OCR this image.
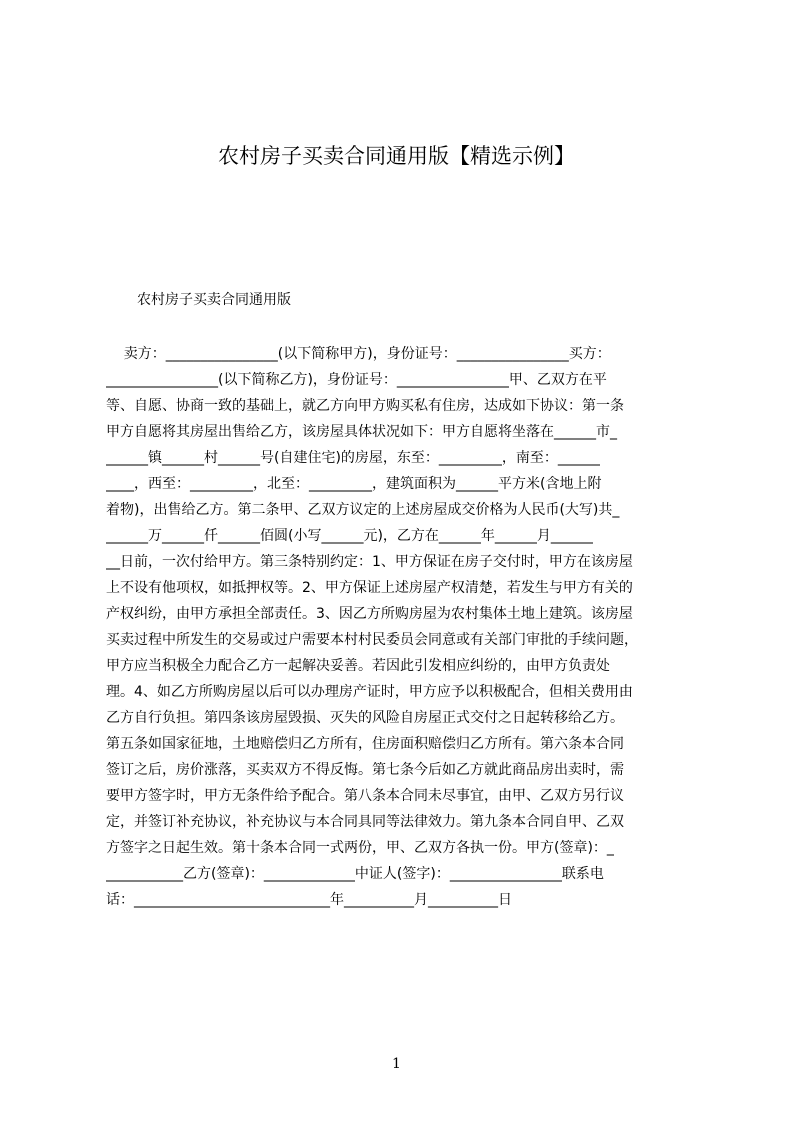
农村房子买卖合同通用版【精选示例】

农村房子买卖合同通用版

卖方：________________(以下简称甲方)，身份证号：________________买方：
________________(以下简称乙方)，身份证号：________________甲、乙双方在平
等、自愿、协商一致的基础上，就乙方向甲方购买私有住房，达成如下协议：第一条
甲方自愿将其房屋出售给乙方，该房屋具体状况如下：甲方自愿将坐落在______市_
______镇______村______号(自建住宅)的房屋，东至：_________，南至：______
____，西至：_________，北至：_________，建筑面积为______平方米(含地上附
着物)，出售给乙方。第二条甲、乙双方议定的上述房屋成交价格为人民币(大写)共_
______万______仟______佰圆(小写______元)，乙方在______年______月______
__日前，一次付给甲方。第三条特别约定：1、甲方保证在房子交付时，甲方在该房屋
上不设有他项权，如抵押权等。2、甲方保证上述房屋产权清楚，若发生与甲方有关的
产权纠纷，由甲方承担全部责任。3、因乙方所购房屋为农村集体土地上建筑。该房屋
买卖过程中所发生的交易或过户需要本村村民委员会同意或有关部门审批的手续问题，
甲方应当积极全力配合乙方一起解决妥善。若因此引发相应纠纷的，由甲方负责处
理。4、如乙方所购房屋以后可以办理房产证时，甲方应予以积极配合，但相关费用由
乙方自行负担。第四条该房屋毁损、灭失的风险自房屋正式交付之日起转移给乙方。
第五条如国家征地，土地赔偿归乙方所有，住房面积赔偿归乙方所有。第六条本合同
签订之后，房价涨落，买卖双方不得反悔。第七条今后如乙方就此商品房出卖时，需
要甲方签字时，甲方无条件给予配合。第八条本合同未尽事宜，由甲、乙双方另行议
定，并签订补充协议，补充协议与本合同具同等法律效力。第九条本合同自甲、乙双
方签字之日起生效。第十条本合同一式两份，甲、乙双方各执一份。甲方(签章)：_
___________乙方(签章)：_____________中证人(签字)：________________联系电
话：____________________________年__________月__________日
1
